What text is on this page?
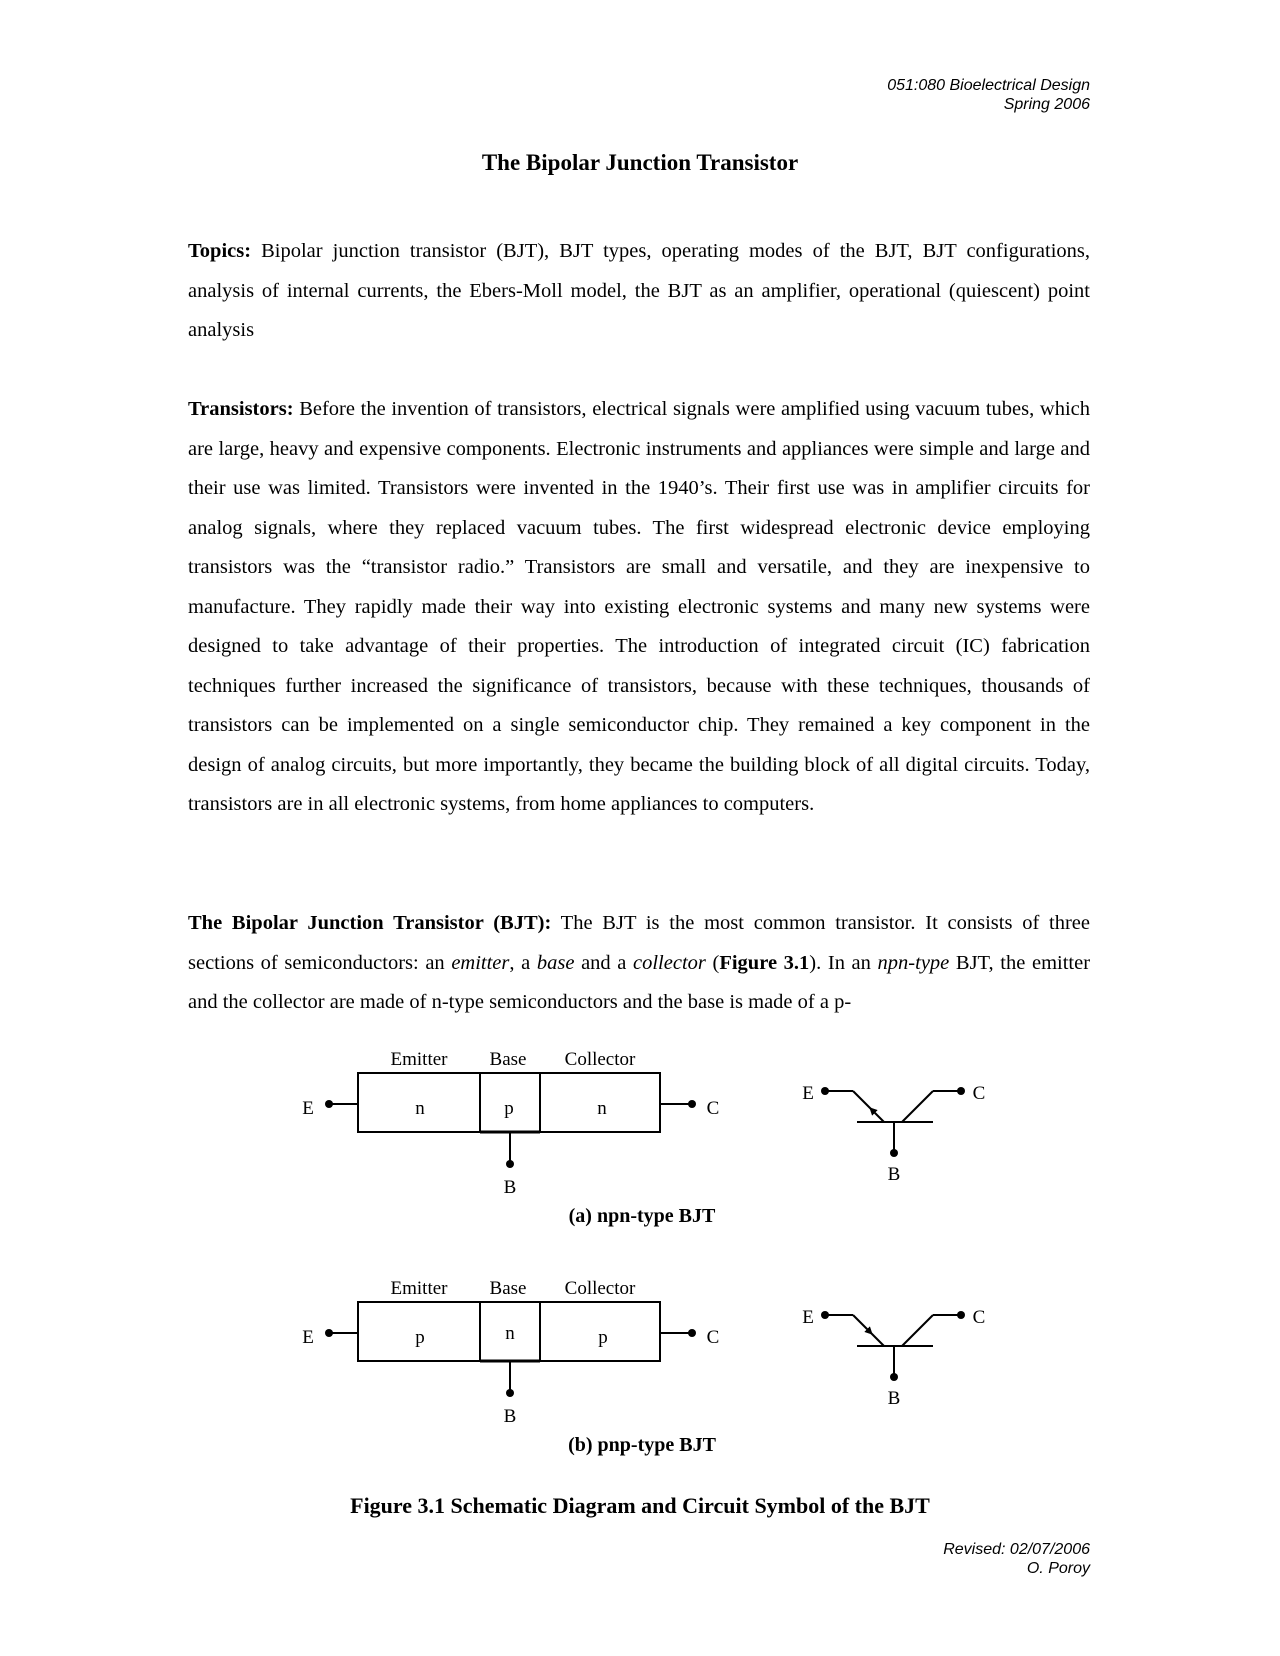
051:080 Bioelectrical Design
Spring 2006
The Bipolar Junction Transistor

Topics: Bipolar junction transistor (BJT), BJT types, operating modes of the BJT, BJT configurations, analysis of internal currents, the Ebers-Moll model, the BJT as an amplifier, operational (quiescent) point analysis

Transistors: Before the invention of transistors, electrical signals were amplified using vacuum tubes, which are large, heavy and expensive components. Electronic instruments and appliances were simple and large and their use was limited. Transistors were invented in the 1940’s. Their first use was in amplifier circuits for analog signals, where they replaced vacuum tubes. The first widespread electronic device employing transistors was the “transistor radio.” Transistors are small and versatile, and they are inexpensive to manufacture. They rapidly made their way into existing electronic systems and many new systems were designed to take advantage of their properties. The introduction of integrated circuit (IC) fabrication techniques further increased the significance of transistors, because with these techniques, thousands of transistors can be implemented on a single semiconductor chip. They remained a key component in the design of analog circuits, but more importantly, they became the building block of all digital circuits. Today, transistors are in all electronic systems, from home appliances to computers.

The Bipolar Junction Transistor (BJT): The BJT is the most common transistor. It consists of three sections of semiconductors: an emitter, a base and a collector (Figure 3.1). In an npn-type BJT, the emitter and the collector are made of n-type semiconductors and the base is made of a p-

Emitter Base Collector
n	p	n
E	C
B
E	C
B
(a) npn-type BJT
Emitter Base Collector
p	n	p
E	C
B
E	C
B
(b) pnp-type BJT
Figure 3.1 Schematic Diagram and Circuit Symbol of the BJT
Revised: 02/07/2006
O. Poroy
